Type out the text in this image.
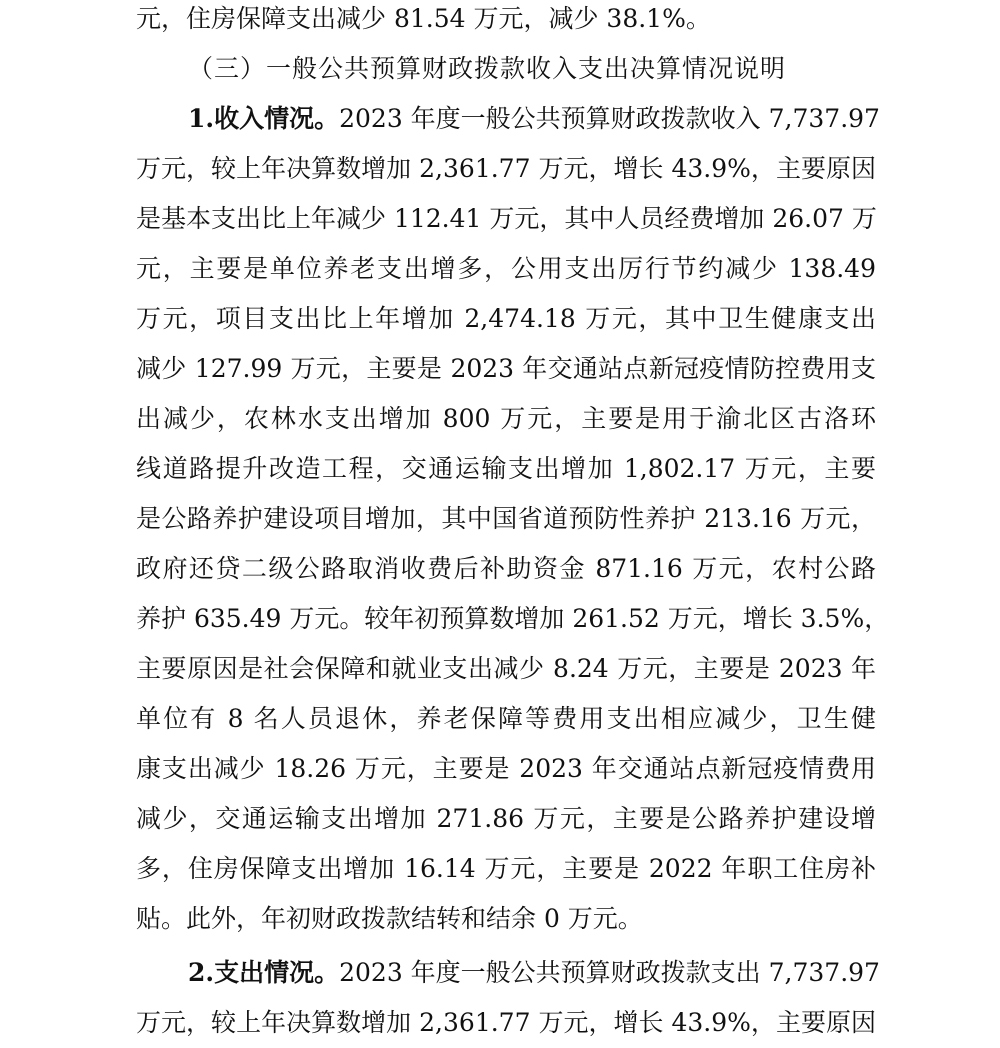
元，住房保障支出减少 81.54 万元，减少 38.1%。
（三）一般公共预算财政拨款收入支出决算情况说明
1.收入情况。2023 年度一般公共预算财政拨款收入 7,737.97
万元，较上年决算数增加 2,361.77 万元，增长 43.9%，主要原因
是基本支出比上年减少 112.41 万元，其中人员经费增加 26.07 万
元，主要是单位养老支出增多，公用支出厉行节约减少 138.49
万元，项目支出比上年增加 2,474.18 万元，其中卫生健康支出
减少 127.99 万元，主要是 2023 年交通站点新冠疫情防控费用支
出减少，农林水支出增加 800 万元，主要是用于渝北区古洛环
线道路提升改造工程，交通运输支出增加 1,802.17 万元，主要
是公路养护建设项目增加，其中国省道预防性养护 213.16 万元，
政府还贷二级公路取消收费后补助资金 871.16 万元，农村公路
养护 635.49 万元。较年初预算数增加 261.52 万元，增长 3.5%，
主要原因是社会保障和就业支出减少 8.24 万元，主要是 2023 年
单位有 8 名人员退休，养老保障等费用支出相应减少，卫生健
康支出减少 18.26 万元，主要是 2023 年交通站点新冠疫情费用
减少，交通运输支出增加 271.86 万元，主要是公路养护建设增
多，住房保障支出增加 16.14 万元，主要是 2022 年职工住房补
贴。此外，年初财政拨款结转和结余 0 万元。
2.支出情况。2023 年度一般公共预算财政拨款支出 7,737.97
万元，较上年决算数增加 2,361.77 万元，增长 43.9%，主要原因
